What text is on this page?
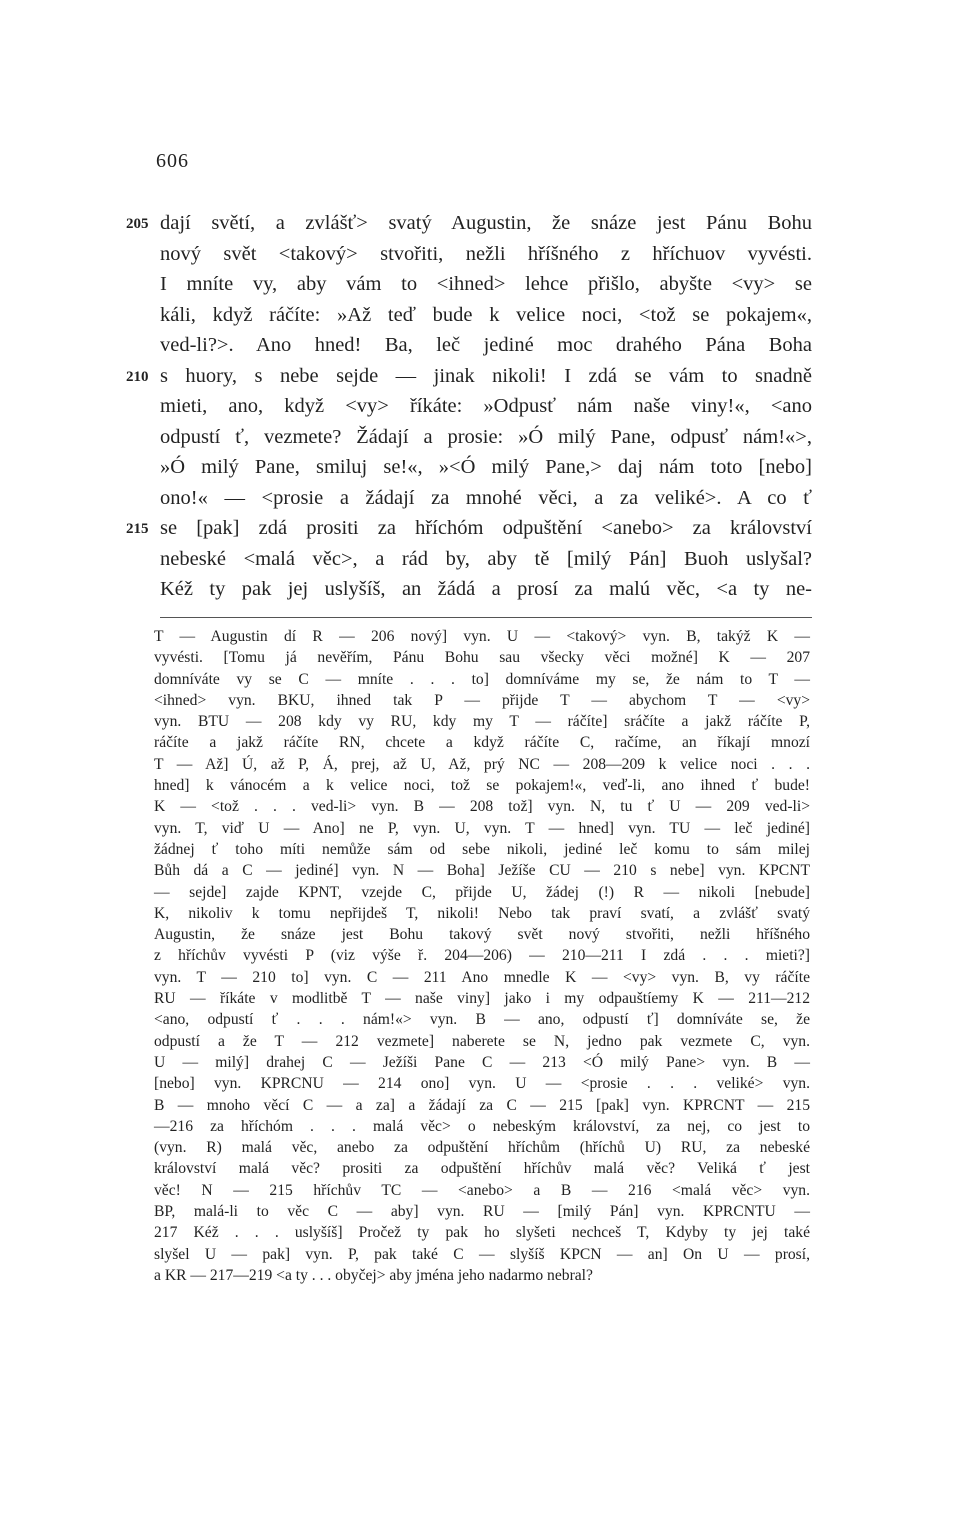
606
205 dají světí, a zvlášť> svatý Augustin, že snáze jest Pánu Bohu
nový svět <takový> stvořiti, nežli hříšného z hříchuov vyvésti.
I mníte vy, aby vám to <ihned> lehce přišlo, abyšte <vy> se
káli, když ráčíte: »Až teď bude k velice noci, <tož se pokajem«,
ved-li?>. Ano hned! Ba, leč jediné moc drahého Pána Boha
210 s huory, s nebe sejde — jinak nikoli! I zdá se vám to snadně
mieti, ano, když <vy> říkáte: »Odpusť nám naše viny!«, <ano
odpustí ť, vezmete? Žádají a prosie: »Ó milý Pane, odpusť nám!«>,
»Ó milý Pane, smiluj se!«, »<Ó milý Pane,> daj nám toto [nebo]
ono!« — <prosie a žádají za mnohé věci, a za veliké>. A co ť
215 se [pak] zdá prositi za hříchóm odpuštění <anebo> za království
nebeské <malá věc>, a rád by, aby tě [milý Pán] Buoh uslyšal?
Kéž ty pak jej uslyšíš, an žádá a prosí za malú věc, <a ty ne-
T — Augustin dí R — 206 nový] vyn. U — <takový> vyn. B, takýž K —
vyvésti. [Tomu já nevěřím, Pánu Bohu sau všecky věci možné] K — 207
domníváte vy se C — mníte . . . to] domníváme my se, že nám to T —
<ihned> vyn. BKU, ihned tak P — přijde T — abychom T — <vy>
vyn. BTU — 208 kdy vy RU, kdy my T — ráčíte] sráčíte a jakž ráčíte P,
ráčíte a jakž ráčíte RN, chcete a když ráčíte C, račíme, an říkají mnozí
T — Až] Ú, až P, Á, prej, až U, Až, prý NC — 208—209 k velice noci . . .
hned] k vánocém a k velice noci, tož se pokajem!«, veď-li, ano ihned ť bude!
K — <tož . . . ved-li> vyn. B — 208 tož] vyn. N, tu ť U — 209 ved-li>
vyn. T, viď U — Ano] ne P, vyn. U, vyn. T — hned] vyn. TU — leč jediné]
žádnej ť toho míti nemůže sám od sebe nikoli, jediné leč komu to sám milej
Bůh dá a C — jediné] vyn. N — Boha] Ježíše CU — 210 s nebe] vyn. KPCNT
— sejde] zajde KPNT, vzejde C, přijde U, žádej (!) R — nikoli [nebude]
K, nikoliv k tomu nepřijdeš T, nikoli! Nebo tak praví svatí, a zvlášť svatý
Augustin, že snáze jest Bohu takový svět nový stvořiti, nežli hříšného
z hříchův vyvésti P (viz výše ř. 204—206) — 210—211 I zdá . . . mieti?]
vyn. T — 210 to] vyn. C — 211 Ano mnedle K — <vy> vyn. B, vy ráčíte
RU — říkáte v modlitbě T — naše viny] jako i my odpauštíemy K — 211—212
<ano, odpustí ť . . . nám!«> vyn. B — ano, odpustí ť] domníváte se, že
odpustí a že T — 212 vezmete] naberete se N, jedno pak vezmete C, vyn.
U — milý] drahej C — Ježíši Pane C — 213 <Ó milý Pane> vyn. B —
[nebo] vyn. KPRCNU — 214 ono] vyn. U — <prosie . . . veliké> vyn.
B — mnoho věcí C — a za] a žádají za C — 215 [pak] vyn. KPRCNT — 215
—216 za hříchóm . . . malá věc> o nebeským království, za nej, co jest to
(vyn. R) malá věc, anebo za odpuštění hříchům (hříchů U) RU, za nebeské
království malá věc? prositi za odpuštění hříchův malá věc? Veliká ť jest
věc! N — 215 hříchův TC — <anebo> a B — 216 <malá věc> vyn.
BP, malá-li to věc C — aby] vyn. RU — [milý Pán] vyn. KPRCNTU —
217 Kéž . . . uslyšíš] Pročež ty pak ho slyšeti nechceš T, Kdyby ty jej také
slyšel U — pak] vyn. P, pak také C — slyšíš KPCN — an] On U — prosí,
a KR — 217—219 <a ty . . . obyčej> aby jména jeho nadarmo nebral?
